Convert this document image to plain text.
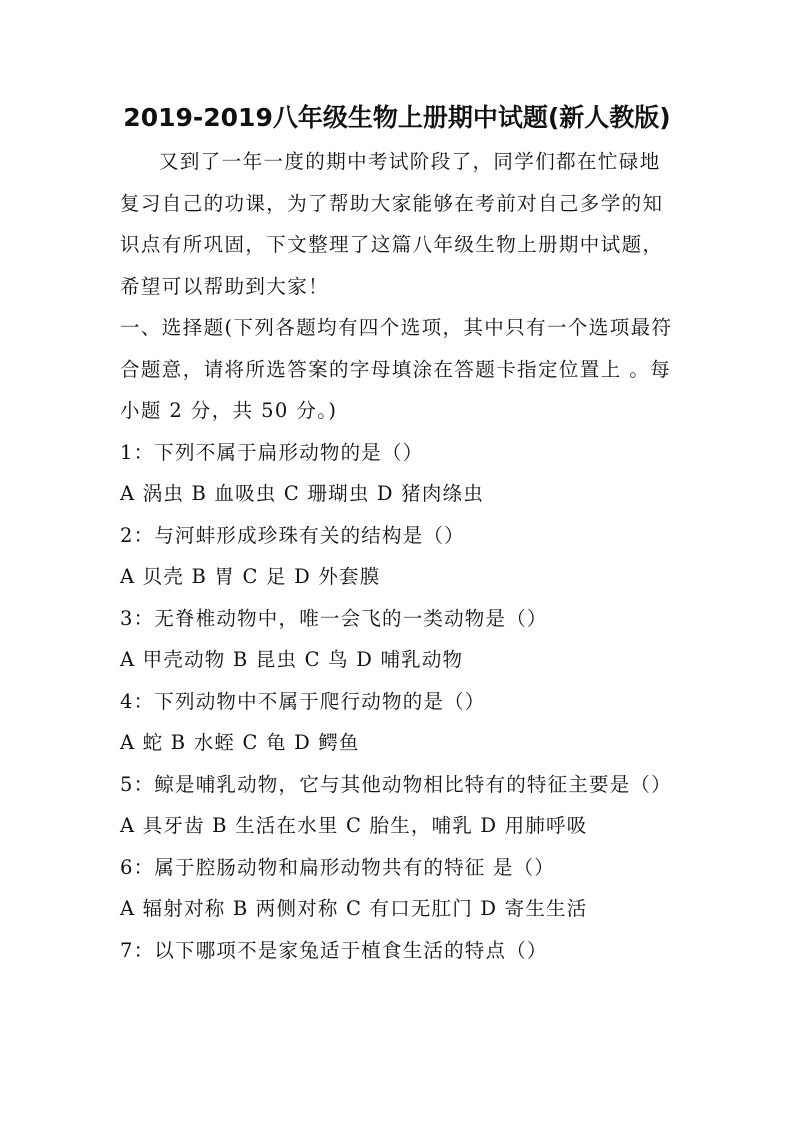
2019-2019八年级生物上册期中试题(新人教版)

又到了一年一度的期中考试阶段了，同学们都在忙碌地复习自己的功课，为了帮助大家能够在考前对自己多学的知识点有所巩固，下文整理了这篇八年级生物上册期中试题，希望可以帮助到大家！

一、选择题(下列各题均有四个选项，其中只有一个选项最符合题意，请将所选答案的字母填涂在答题卡指定位置上 。每小题 2 分，共 50 分。)

1：下列不属于扁形动物的是（）

A 涡虫 B 血吸虫 C 珊瑚虫 D 猪肉绦虫

2：与河蚌形成珍珠有关的结构是（）

A 贝壳 B 胃 C 足 D 外套膜

3：无脊椎动物中，唯一会飞的一类动物是（）

A 甲壳动物 B 昆虫 C 鸟 D 哺乳动物

4：下列动物中不属于爬行动物的是（）

A 蛇 B 水蛭 C 龟 D 鳄鱼

5：鲸是哺乳动物，它与其他动物相比特有的特征主要是（）

A 具牙齿 B 生活在水里 C 胎生，哺乳 D 用肺呼吸

6：属于腔肠动物和扁形动物共有的特征 是（）

A 辐射对称 B 两侧对称 C 有口无肛门 D 寄生生活

7：以下哪项不是家兔适于植食生活的特点（）
